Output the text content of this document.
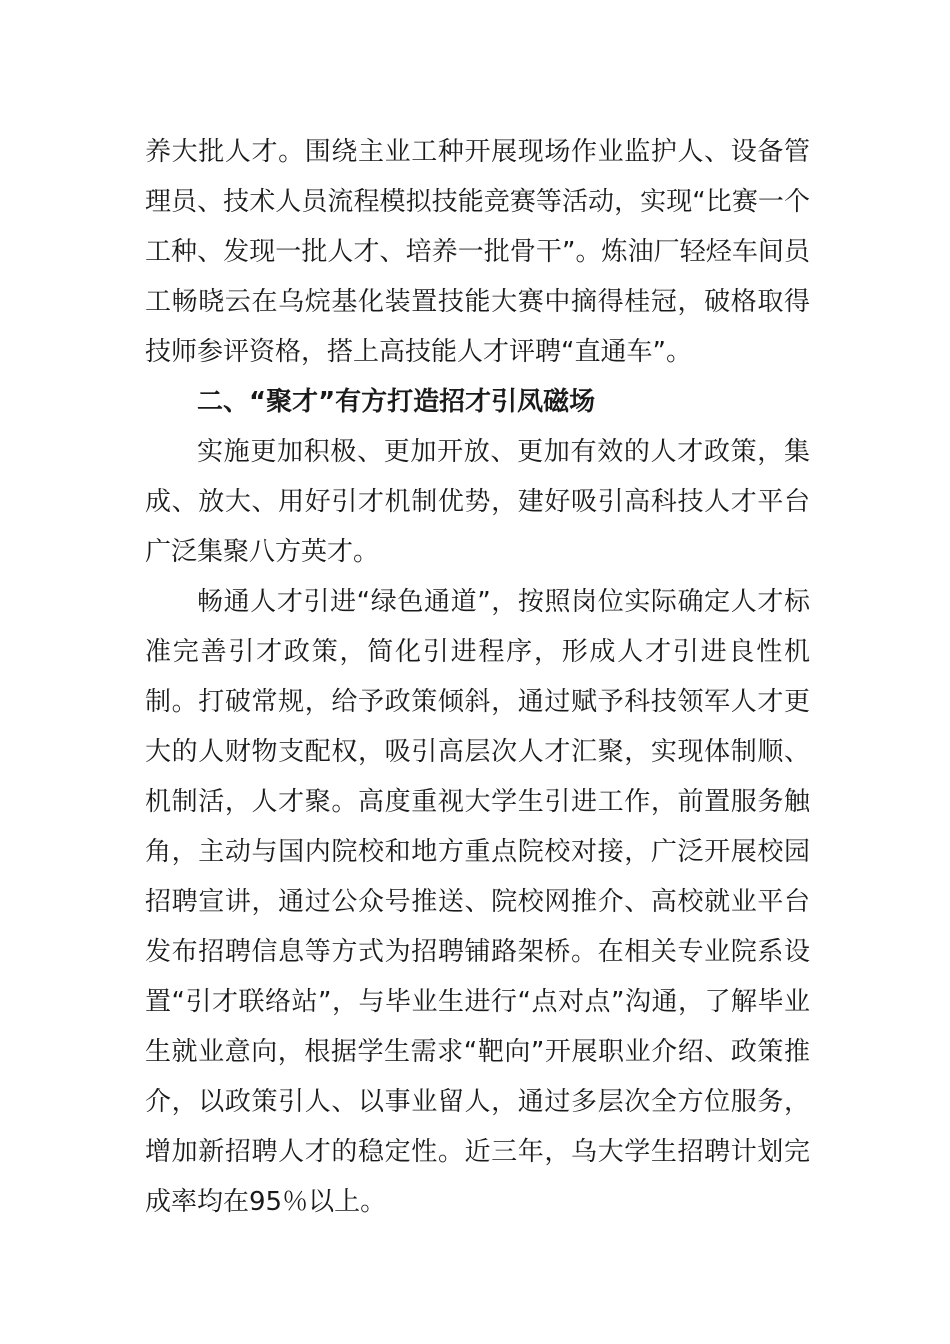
养大批人才。围绕主业工种开展现场作业监护人、设备管理员、技术人员流程模拟技能竞赛等活动，实现“比赛一个工种、发现一批人才、培养一批骨干”。炼油厂轻烃车间员工畅晓云在乌烷基化装置技能大赛中摘得桂冠，破格取得技师参评资格，搭上高技能人才评聘“直通车”。

二、“聚才”有方打造招才引凤磁场

实施更加积极、更加开放、更加有效的人才政策，集成、放大、用好引才机制优势，建好吸引高科技人才平台广泛集聚八方英才。

畅通人才引进“绿色通道”，按照岗位实际确定人才标准完善引才政策，简化引进程序，形成人才引进良性机制。打破常规，给予政策倾斜，通过赋予科技领军人才更大的人财物支配权，吸引高层次人才汇聚，实现体制顺、机制活，人才聚。高度重视大学生引进工作，前置服务触角，主动与国内院校和地方重点院校对接，广泛开展校园招聘宣讲，通过公众号推送、院校网推介、高校就业平台发布招聘信息等方式为招聘铺路架桥。在相关专业院系设置“引才联络站”，与毕业生进行“点对点”沟通，了解毕业生就业意向，根据学生需求“靶向”开展职业介绍、政策推介，以政策引人、以事业留人，通过多层次全方位服务，增加新招聘人才的稳定性。近三年，乌大学生招聘计划完成率均在95％以上。
